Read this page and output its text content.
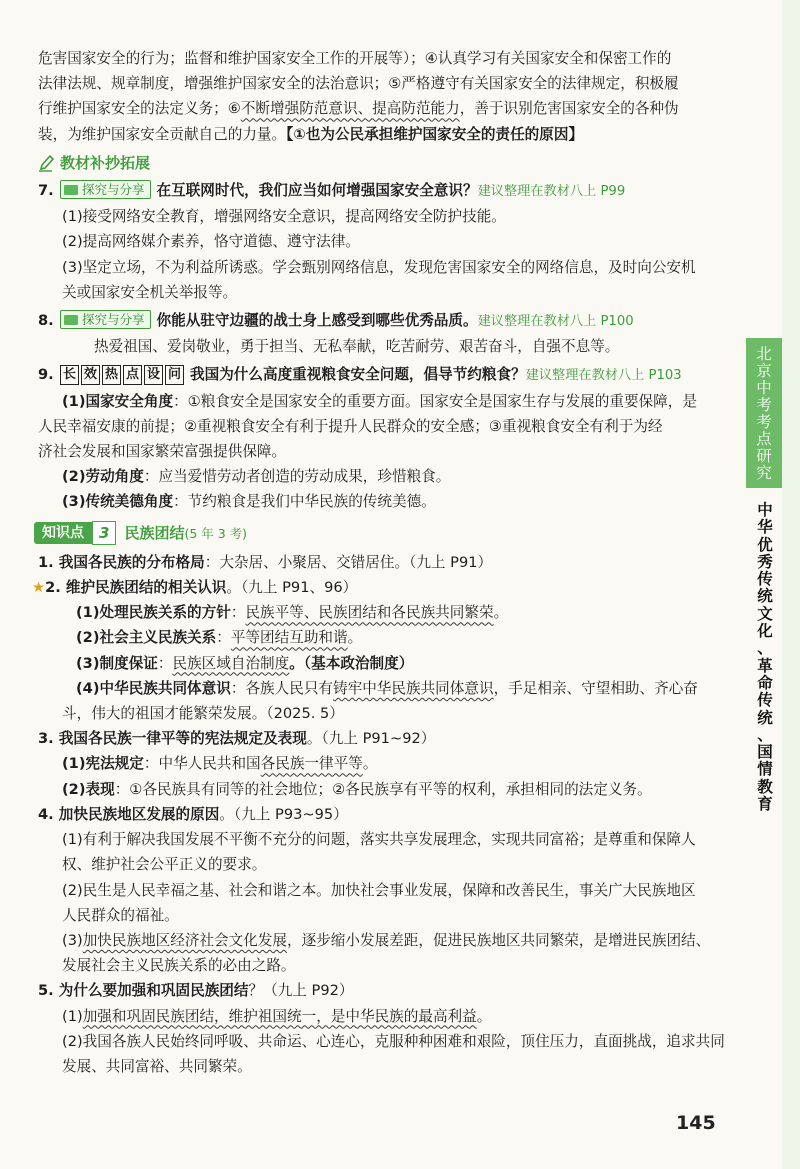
危害国家安全的行为；监督和维护国家安全工作的开展等）；④认真学习有关国家安全和保密工作的

法律法规、规章制度，增强维护国家安全的法治意识；⑤严格遵守有关国家安全的法律规定，积极履

行维护国家安全的法定义务；⑥不断增强防范意识、提高防范能力，善于识别危害国家安全的各种伪

装，为维护国家安全贡献自己的力量。【①也为公民承担维护国家安全的责任的原因】

教材补抄拓展

7. 探究与分享 在互联网时代，我们应当如何增强国家安全意识？建议整理在教材八上 P99

(1)接受网络安全教育，增强网络安全意识，提高网络安全防护技能。

(2)提高网络媒介素养，恪守道德、遵守法律。

(3)坚定立场，不为利益所诱惑。学会甄别网络信息，发现危害国家安全的网络信息，及时向公安机

关或国家安全机关举报等。

8. 探究与分享 你能从驻守边疆的战士身上感受到哪些优秀品质。建议整理在教材八上 P100

热爱祖国、爱岗敬业，勇于担当、无私奉献，吃苦耐劳、艰苦奋斗，自强不息等。

9. 长 效 热 点 设 问 我国为什么高度重视粮食安全问题，倡导节约粮食？建议整理在教材八上 P103

(1)国家安全角度：①粮食安全是国家安全的重要方面。国家安全是国家生存与发展的重要保障，是

人民幸福安康的前提；②重视粮食安全有利于提升人民群众的安全感；③重视粮食安全有利于为经

济社会发展和国家繁荣富强提供保障。

(2)劳动角度：应当爱惜劳动者创造的劳动成果，珍惜粮食。

(3)传统美德角度：节约粮食是我们中华民族的传统美德。

知识点	3	民族团结 (5 年 3 考)

1. 我国各民族的分布格局：大杂居、小聚居、交错居住。（九上 P91）

★2. 维护民族团结的相关认识。（九上 P91、96）

(1)处理民族关系的方针：民族平等、民族团结和各民族共同繁荣。

(2)社会主义民族关系：平等团结互助和谐。

(3)制度保证：民族区域自治制度。（基本政治制度）

(4)中华民族共同体意识：各族人民只有铸牢中华民族共同体意识，手足相亲、守望相助、齐心奋

斗，伟大的祖国才能繁荣发展。（2025. 5）

3. 我国各民族一律平等的宪法规定及表现。（九上 P91~92）

(1)宪法规定：中华人民共和国各民族一律平等。

(2)表现：①各民族具有同等的社会地位；②各民族享有平等的权利，承担相同的法定义务。

4. 加快民族地区发展的原因。（九上 P93~95）

(1)有利于解决我国发展不平衡不充分的问题，落实共享发展理念，实现共同富裕；是尊重和保障人

权、维护社会公平正义的要求。

(2)民生是人民幸福之基、社会和谐之本。加快社会事业发展，保障和改善民生，事关广大民族地区

人民群众的福祉。

(3)加快民族地区经济社会文化发展，逐步缩小发展差距，促进民族地区共同繁荣，是增进民族团结、

发展社会主义民族关系的必由之路。

5. 为什么要加强和巩固民族团结？（九上 P92）

(1)加强和巩固民族团结，维护祖国统一，是中华民族的最高利益。

(2)我国各族人民始终同呼吸、共命运、心连心，克服种种困难和艰险，顶住压力，直面挑战，追求共同

发展、共同富裕、共同繁荣。

北
京
中
考
考
点
研
究
中
华
优
秀
传
统
文
化
、
革
命
传
统
、
国
情
教
育
145
